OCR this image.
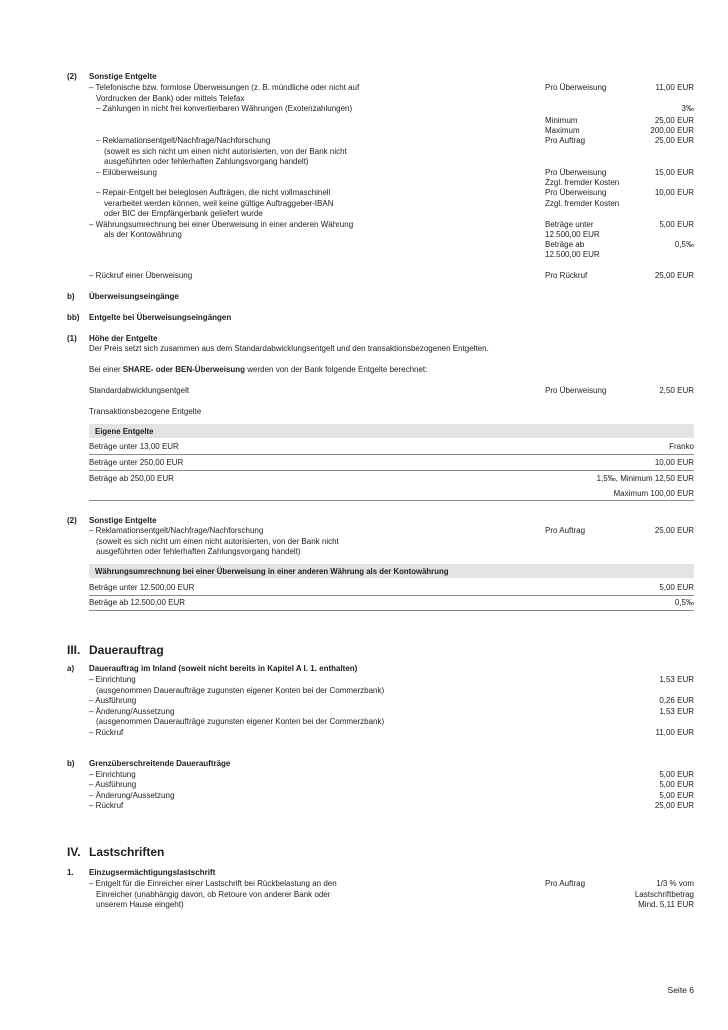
(2) Sonstige Entgelte
– Telefonische bzw. formlose Überweisungen (z. B. mündliche oder nicht auf	Pro Überweisung	11,00 EUR
Vordrucken der Bank) oder mittels Telefax
– Zahlungen in nicht frei konvertierbaren Währungen (Exotenzahlungen)	3‰
Minimum	25,00 EUR
Maximum	200,00 EUR
– Reklamationsentgelt/Nachfrage/Nachforschung	Pro Auftrag	25,00 EUR
(soweit es sich nicht um einen nicht autorisierten, von der Bank nicht
ausgeführten oder fehlerhaften Zahlungsvorgang handelt)
– Eilüberweisung	Pro Überweisung	15,00 EUR
Zzgl. fremder Kosten
– Repair-Entgelt bei beleglosen Aufträgen, die nicht vollmaschinell	Pro Überweisung	10,00 EUR
verarbeitet werden können, weil keine gültige Auftraggeber-IBAN	Zzgl. fremder Kosten
oder BIC der Empfängerbank geliefert wurde
– Währungsumrechnung bei einer Überweisung in einer anderen Währung	Beträge unter	5,00 EUR
als der Kontowährung	12.500,00 EUR
Beträge ab	0,5‰
12.500,00 EUR
– Rückruf einer Überweisung	Pro Rückruf	25,00 EUR
b) Überweisungseingänge
bb) Entgelte bei Überweisungseingängen
(1) Höhe der Entgelte
Der Preis setzt sich zusammen aus dem Standardabwicklungsentgelt und den transaktionsbezogenen Entgelten.
Bei einer SHARE- oder BEN-Überweisung werden von der Bank folgende Entgelte berechnet:
Standardabwicklungsentgelt	Pro Überweisung	2,50 EUR
Transaktionsbezogene Entgelte
Eigene Entgelte
Beträge unter 13,00 EUR	Franko
Beträge unter 250,00 EUR	10,00 EUR
Beträge ab 250,00 EUR	1,5‰, Minimum 12,50 EUR
Maximum 100,00 EUR
(2) Sonstige Entgelte
– Reklamationsentgelt/Nachfrage/Nachforschung	Pro Auftrag	25,00 EUR
(soweit es sich nicht um einen nicht autorisierten, von der Bank nicht
ausgeführten oder fehlerhaften Zahlungsvorgang handelt)
Währungsumrechnung bei einer Überweisung in einer anderen Währung als der Kontowährung
Beträge unter 12.500,00 EUR	5,00 EUR
Beträge ab 12.500,00 EUR	0,5‰
III. Dauerauftrag
a) Dauerauftrag im Inland (soweit nicht bereits in Kapitel A I. 1. enthalten)
– Einrichtung	1,53 EUR
(ausgenommen Daueraufträge zugunsten eigener Konten bei der Commerzbank)
– Ausführung	0,26 EUR
– Änderung/Aussetzung	1,53 EUR
(ausgenommen Daueraufträge zugunsten eigener Konten bei der Commerzbank)
– Rückruf	11,00 EUR
b) Grenzüberschreitende Daueraufträge
– Einrichtung	5,00 EUR
– Ausführung	5,00 EUR
– Änderung/Aussetzung	5,00 EUR
– Rückruf	25,00 EUR
IV. Lastschriften
1. Einzugsermächtigungslastschrift
– Entgelt für die Einreicher einer Lastschrift bei Rückbelastung an den	Pro Auftrag	1/3 % vom
Einreicher (unabhängig davon, ob Retoure von anderer Bank oder	Lastschriftbetrag
unserem Hause eingeht)	Mind. 5,11 EUR
Seite 6
